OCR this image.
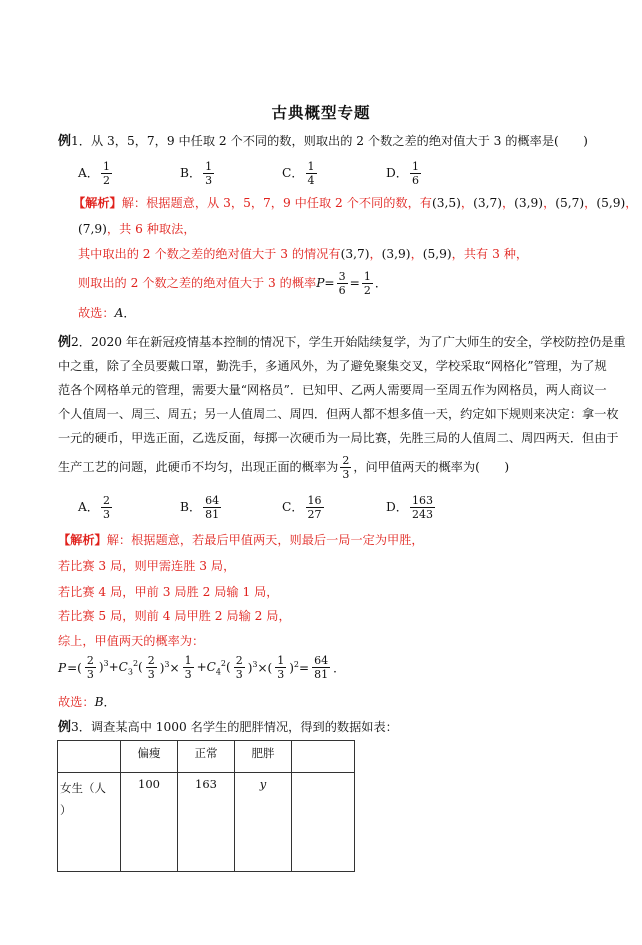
古典概型专题
例1．从 3，5，7，9 中任取 2 个不同的数，则取出的 2 个数之差的绝对值大于 3 的概率是(　　)
A． $\frac{1}{2}$	B． $\frac{1}{3}$	C． $\frac{1}{4}$	D． $\frac{1}{6}$
【解析】解：根据题意，从 3，5，7，9 中任取 2 个不同的数，有(3,5)，(3,7)，(3,9)，(5,7)，(5,9)，
(7,9)，共 6 种取法，
其中取出的 2 个数之差的绝对值大于 3 的情况有(3,7)，(3,9)，(5,9)，共有 3 种，
则取出的 2 个数之差的绝对值大于 3 的概率$P= \frac{3}{6} = \frac{1}{2}$ ．
故选：A．
例2．2020 年在新冠疫情基本控制的情况下，学生开始陆续复学，为了广大师生的安全，学校防控仍是重
中之重，除了全员要戴口罩，勤洗手，多通风外，为了避免聚集交叉，学校采取“网格化”管理，为了规
范各个网格单元的管理，需要大量“网格员”．已知甲、乙两人需要周一至周五作为网格员，两人商议一
个人值周一、周三、周五；另一人值周二、周四．但两人都不想多值一天，约定如下规则来决定：拿一枚
一元的硬币，甲选正面，乙选反面，每掷一次硬币为一局比赛，先胜三局的人值周二、周四两天．但由于
生产工艺的问题，此硬币不均匀，出现正面的概率为 $\frac{2}{3}$ ，问甲值两天的概率为(　　)
A． $\frac{2}{3}$	B． $\frac{64}{81}$	C． $\frac{16}{27}$	D． $\frac{163}{243}$
【解析】解：根据题意，若最后甲值两天，则最后一局一定为甲胜，
若比赛 3 局，则甲需连胜 3 局，
若比赛 4 局，甲前 3 局胜 2 局输 1 局，
若比赛 5 局，则前 4 局甲胜 2 局输 2 局，
综上，甲值两天的概率为：
P =( $\frac{2}{3} )^3+C_3^2( \frac{2}{3} )^3\times \frac{1}{3} +C_4^2( \frac{2}{3} )^3\times( \frac{1}{3} )^2= \frac{64}{81}$ ．
故选：B．
例3．调查某高中 1000 名学生的肥胖情况，得到的数据如表：
	偏瘦	正常	肥胖	
女生（人
）	100	163	y	
